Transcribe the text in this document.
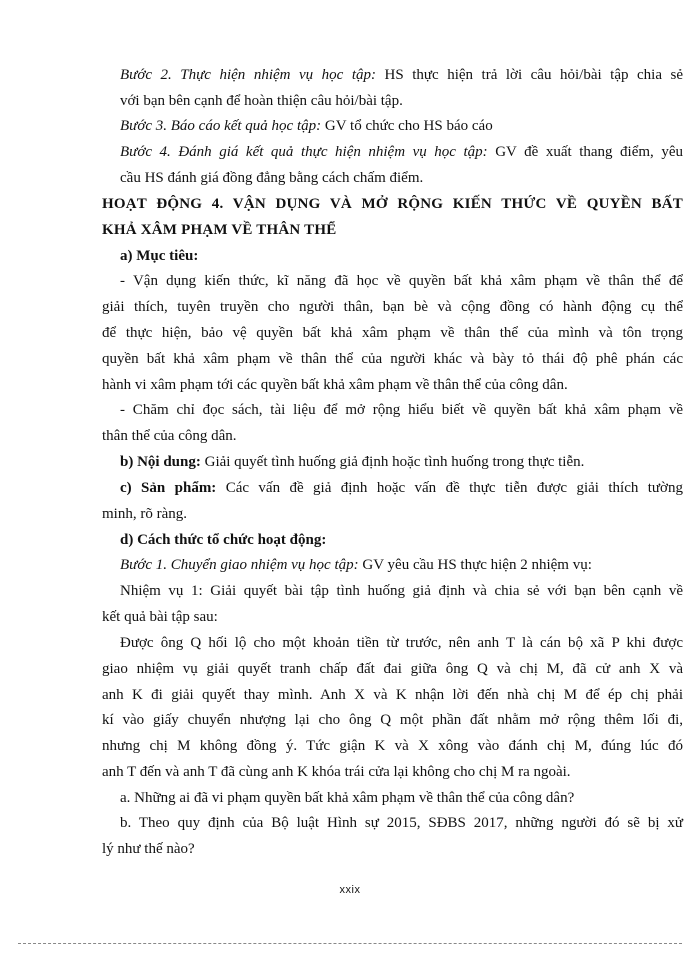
Bước 2. Thực hiện nhiệm vụ học tập: HS thực hiện trả lời câu hỏi/bài tập chia sẻ
với bạn bên cạnh để hoàn thiện câu hỏi/bài tập.
Bước 3. Báo cáo kết quả học tập: GV tổ chức cho HS báo cáo
Bước 4. Đánh giá kết quả thực hiện nhiệm vụ học tập: GV đề xuất thang điểm, yêu
cầu HS đánh giá đồng đẳng bằng cách chấm điểm.
HOẠT ĐỘNG 4. VẬN DỤNG VÀ MỞ RỘNG KIẾN THỨC VỀ QUYỀN BẤT
KHẢ XÂM PHẠM VỀ THÂN THỂ
a) Mục tiêu:
- Vận dụng kiến thức, kĩ năng đã học về quyền bất khả xâm phạm về thân thể để
giải thích, tuyên truyền cho người thân, bạn bè và cộng đồng có hành động cụ thể
để thực hiện, bảo vệ quyền bất khả xâm phạm về thân thể của mình và tôn trọng
quyền bất khả xâm phạm về thân thể của người khác và bày tỏ thái độ phê phán các
hành vi xâm phạm tới các quyền bất khả xâm phạm về thân thể của công dân.
- Chăm chỉ đọc sách, tài liệu để mở rộng hiểu biết về quyền bất khả xâm phạm về
thân thể của công dân.
b) Nội dung: Giải quyết tình huống giả định hoặc tình huống trong thực tiễn.
c) Sản phẩm: Các vấn đề giả định hoặc vấn đề thực tiễn được giải thích tường
minh, rõ ràng.
d) Cách thức tổ chức hoạt động:
Bước 1. Chuyển giao nhiệm vụ học tập: GV yêu cầu HS thực hiện 2 nhiệm vụ:
Nhiệm vụ 1: Giải quyết bài tập tình huống giả định và chia sẻ với bạn bên cạnh về
kết quả bài tập sau:
Được ông Q hối lộ cho một khoản tiền từ trước, nên anh T là cán bộ xã P khi được
giao nhiệm vụ giải quyết tranh chấp đất đai giữa ông Q và chị M, đã cử anh X và
anh K đi giải quyết thay mình. Anh X và K nhận lời đến nhà chị M để ép chị phải
kí vào giấy chuyển nhượng lại cho ông Q một phần đất nhằm mở rộng thêm lối đi,
nhưng chị M không đồng ý. Tức giận K và X xông vào đánh chị M, đúng lúc đó
anh T đến và anh T đã cùng anh K khóa trái cửa lại không cho chị M ra ngoài.
a. Những ai đã vi phạm quyền bất khả xâm phạm về thân thể của công dân?
b. Theo quy định của Bộ luật Hình sự 2015, SĐBS 2017, những người đó sẽ bị xử
lý như thế nào?
xxix
